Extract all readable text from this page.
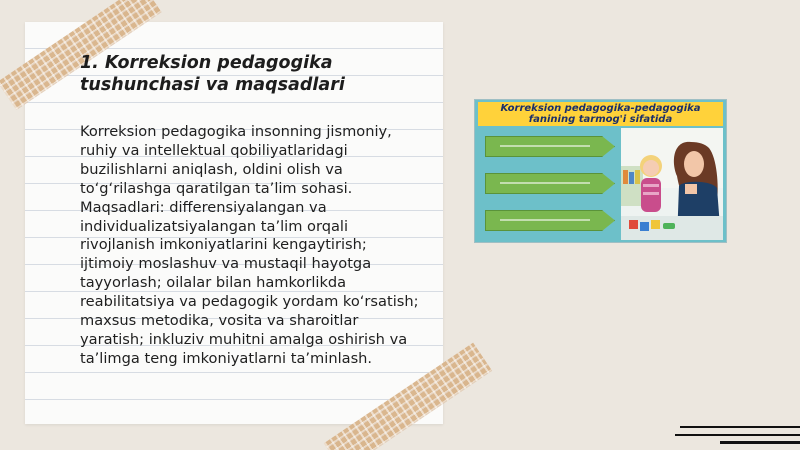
1. Korreksion pedagogika tushunchasi va maqsadlari
Korreksion pedagogika insonning jismoniy, ruhiy va intellektual qobiliyatlaridagi buzilishlarni aniqlash, oldini olish va to‘g‘rilashga qaratilgan ta’lim sohasi. Maqsadlari: differensiyalangan va individualizatsiyalangan ta’lim orqali rivojlanish imkoniyatlarini kengaytirish; ijtimoiy moslashuv va mustaqil hayotga tayyorlash; oilalar bilan hamkorlikda reabilitatsiya va pedagogik yordam ko‘rsatish; maxsus metodika, vosita va sharoitlar yaratish; inkluziv muhitni amalga oshirish va ta’limga teng imkoniyatlarni ta’minlash.
Korreksion pedagogika-pedagogika
fanining tarmog'i sifatida
